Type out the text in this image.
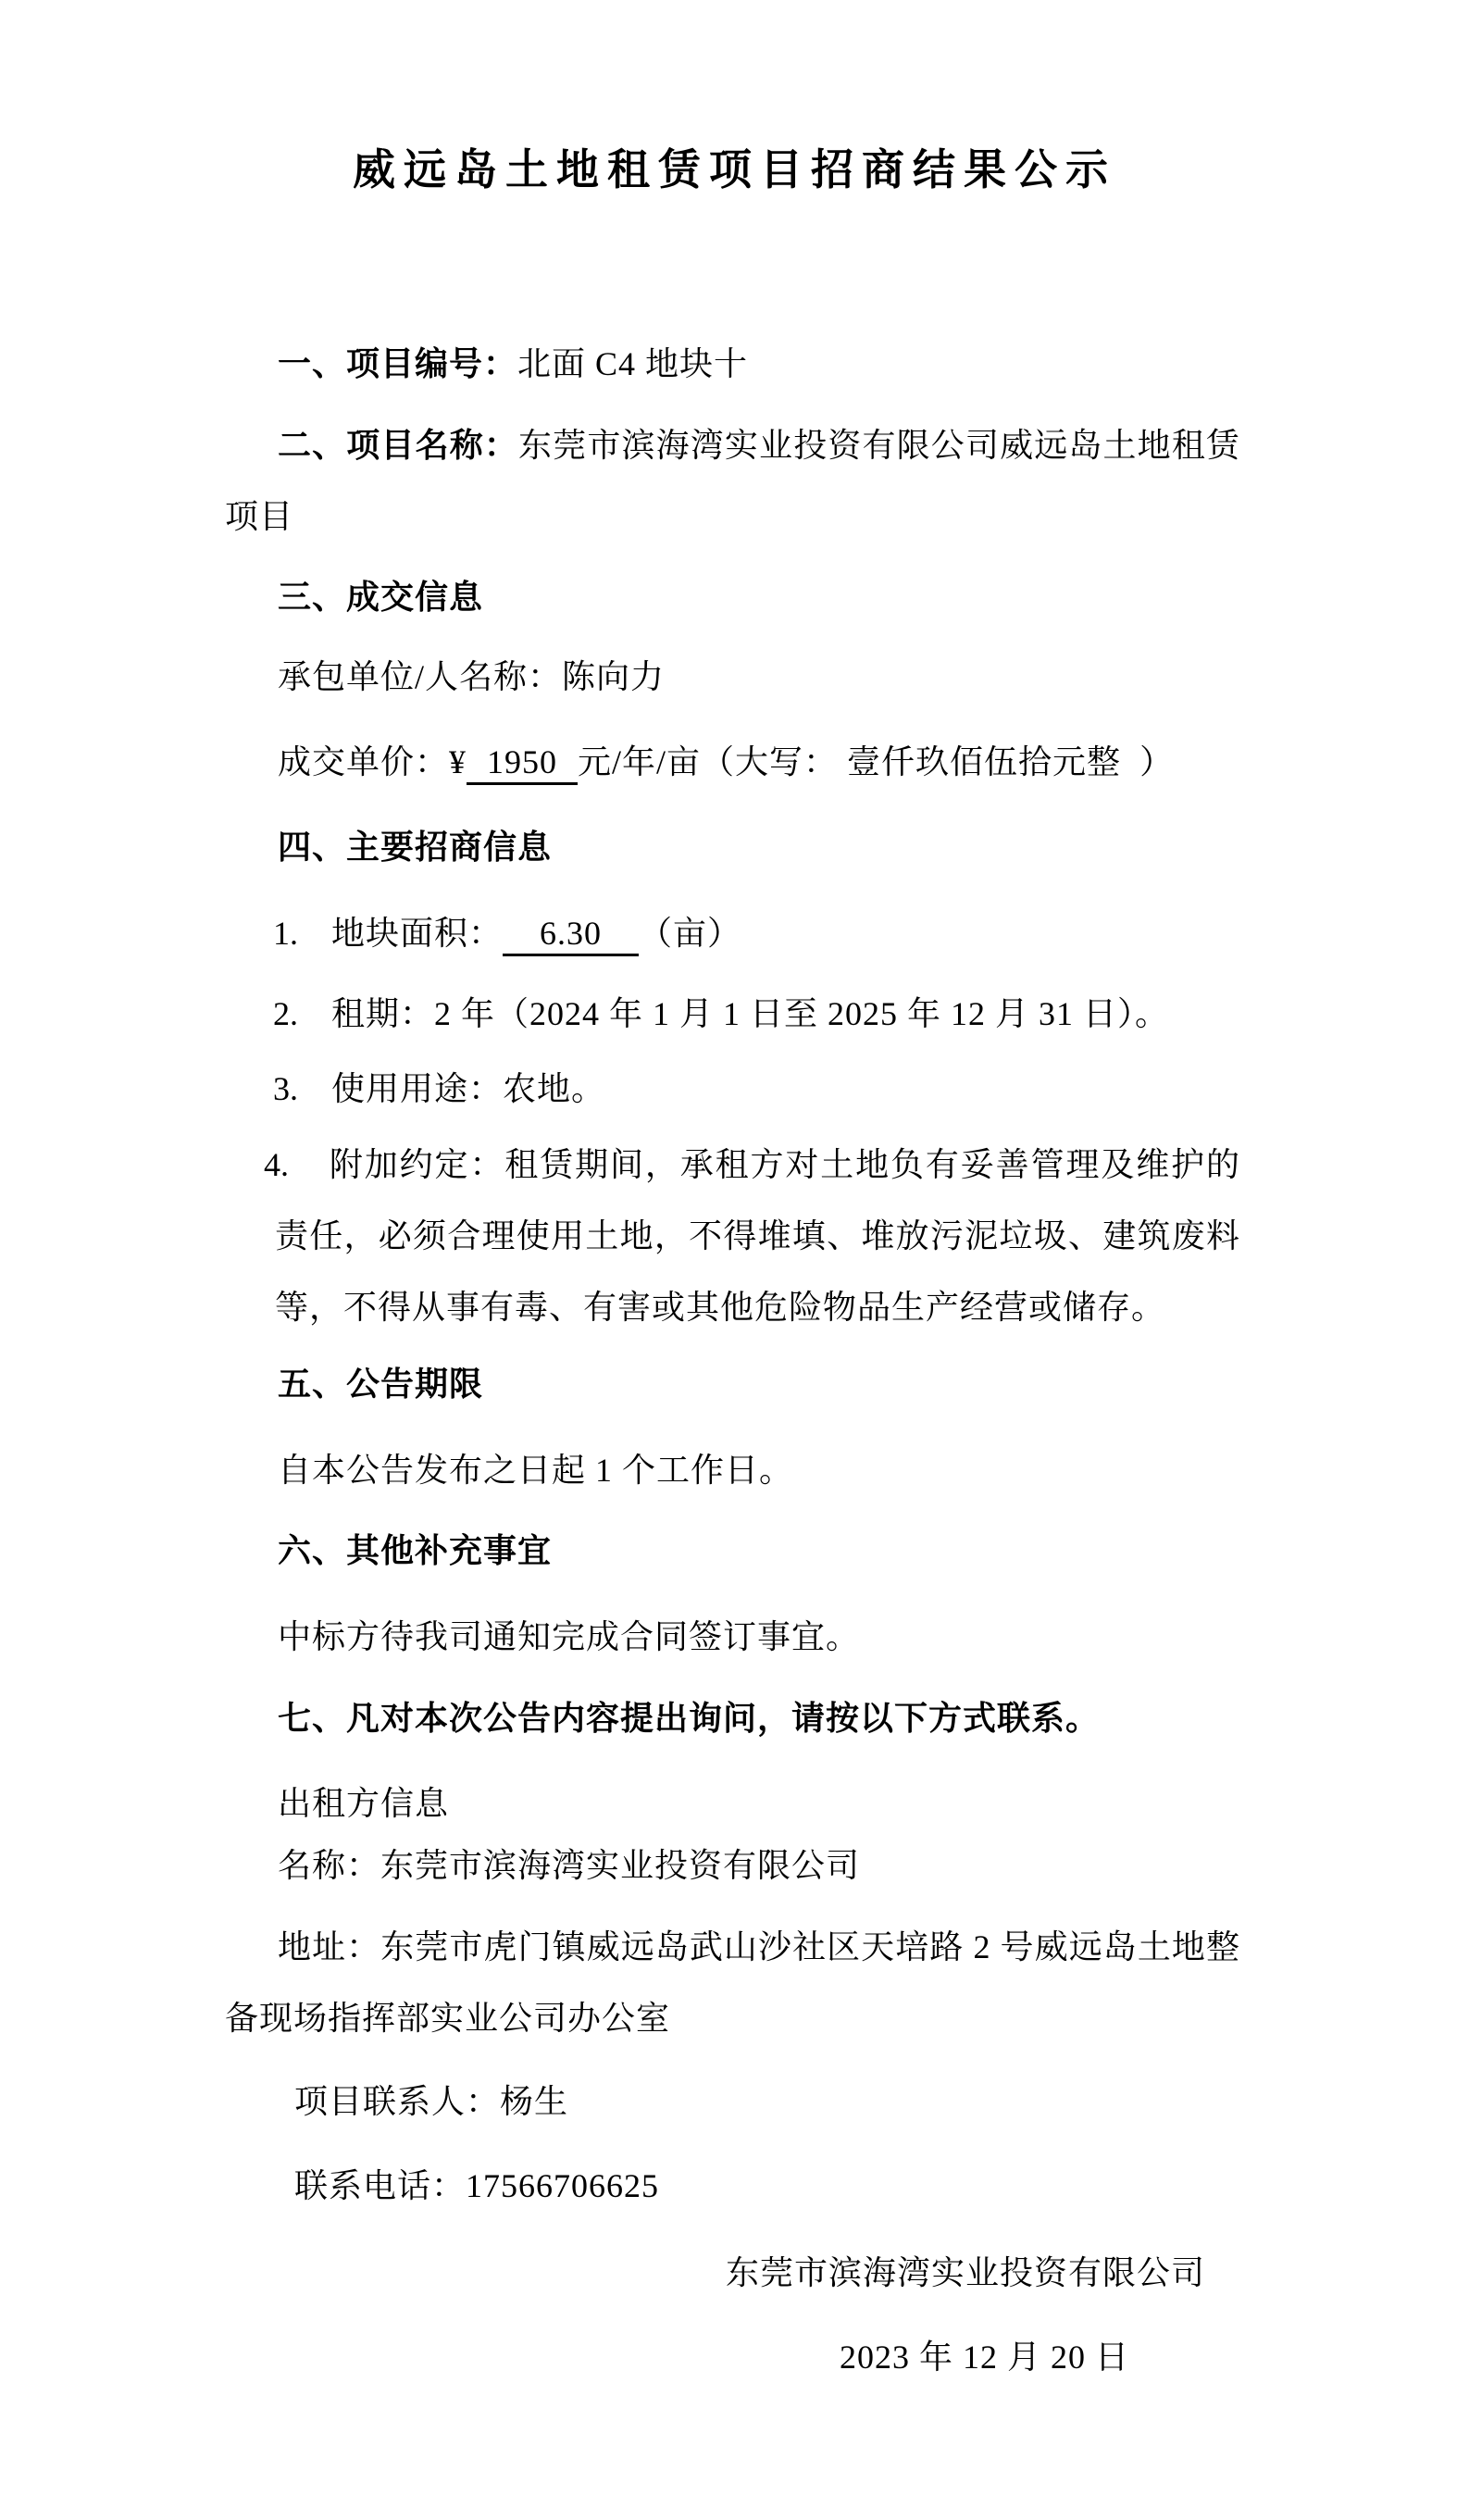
威远岛土地租赁项目招商结果公示
一、项目编号：北面 C4 地块十
二、项目名称：东莞市滨海湾实业投资有限公司威远岛土地租赁项目
三、成交信息
承包单位/人名称：陈向力
成交单价：¥ 1950 元/年/亩（大写： 壹仟玖佰伍拾元整  ）
四、主要招商信息
1. 地块面积： 6.30 （亩）
2. 租期：2 年（2024 年 1 月 1 日至 2025 年 12 月 31 日）。
3. 使用用途：农地。
4. 附加约定：租赁期间，承租方对土地负有妥善管理及维护的责任，必须合理使用土地，不得堆填、堆放污泥垃圾、建筑废料等，不得从事有毒、有害或其他危险物品生产经营或储存。
五、公告期限
自本公告发布之日起 1 个工作日。
六、其他补充事宜
中标方待我司通知完成合同签订事宜。
七、凡对本次公告内容提出询问，请按以下方式联系。
出租方信息
名称：东莞市滨海湾实业投资有限公司
地址：东莞市虎门镇威远岛武山沙社区天培路 2 号威远岛土地整备现场指挥部实业公司办公室
项目联系人：杨生
联系电话：17566706625
东莞市滨海湾实业投资有限公司
2023 年 12 月 20 日
